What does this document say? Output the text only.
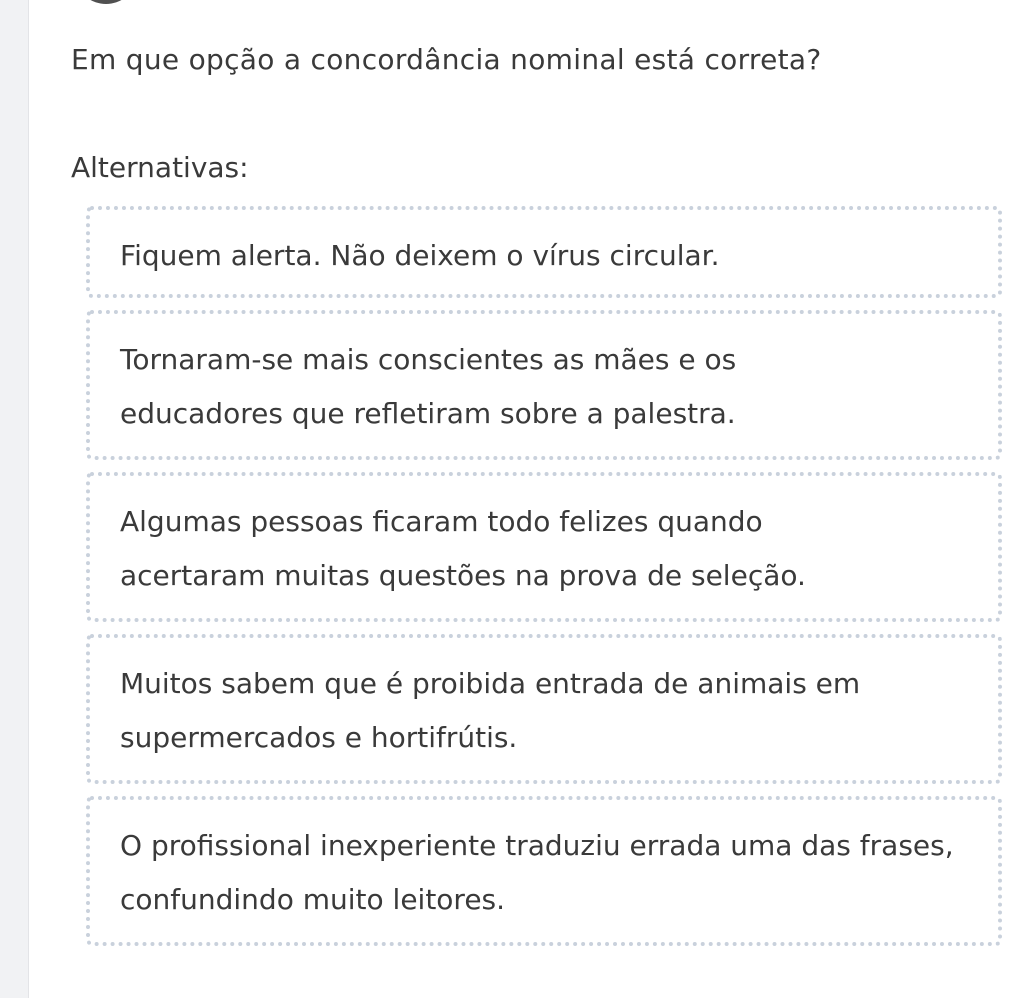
Em que opção a concordância nominal está correta?
Alternativas:
Fiquem alerta. Não deixem o vírus circular.
Tornaram-se mais conscientes as mães e os educadores que refletiram sobre a palestra.
Algumas pessoas ficaram todo felizes quando acertaram muitas questões na prova de seleção.
Muitos sabem que é proibida entrada de animais em supermercados e hortifrútis.
O profissional inexperiente traduziu errada uma das frases, confundindo muito leitores.
